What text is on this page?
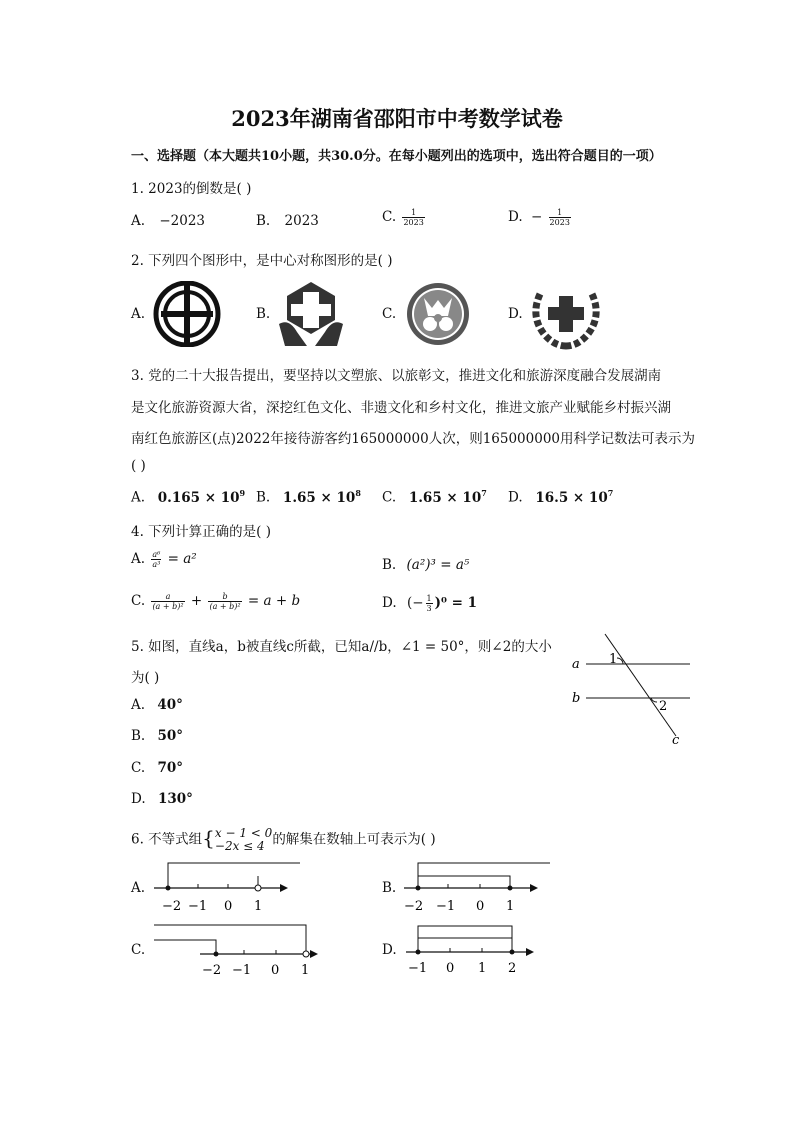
2023年湖南省邵阳市中考数学试卷
一、选择题（本大题共10小题，共30.0分。在每小题列出的选项中，选出符合题目的一项）
1. 2023的倒数是( )
A. −2023	B. 2023	C. $\frac{1}{2023}$	D. − $\frac{1}{2023}$
2. 下列四个图形中，是中心对称图形的是( )
A.	B.	C.	D.
3. 党的二十大报告提出，要坚持以文塑旅、以旅彰文，推进文化和旅游深度融合发展湖南
是文化旅游资源大省，深挖红色文化、非遗文化和乡村文化，推进文旅产业赋能乡村振兴湖
南红色旅游区(点)2022年接待游客约165000000人次，则165000000用科学记数法可表示为
( )
A. $0.165 \times 10^9$ B. $1.65 \times 10^8$ C. $1.65 \times 10^7$ D. $16.5 \times 10^7$
4. 下列计算正确的是( )
A. $\frac{\text{a⁶}}{\text{a³}} = a^2$	B. (a²)³ = a⁵
C. $\frac{a}{\text{(a + b)²}} + \frac{b}{\text{(a + b)²}} = a + b$	D. (− $\frac{1}{3} )^0 = 1$
5. 如图，直线a，b被直线c所截，已知a//b，∠1 = 50°，则∠2的大小
为( )
A. 40°
B. 50°
C. 70°
D. 130°
a
b
c
1
2
6. 不等式组{ x − 1 < 0
−2x ≤ 4 的解集在数轴上可表示为( )
A.
−2 −1 0 1
B.
−2 −1 0 1
C.
−2 −1 0 1
D.
−1 0 1 2
